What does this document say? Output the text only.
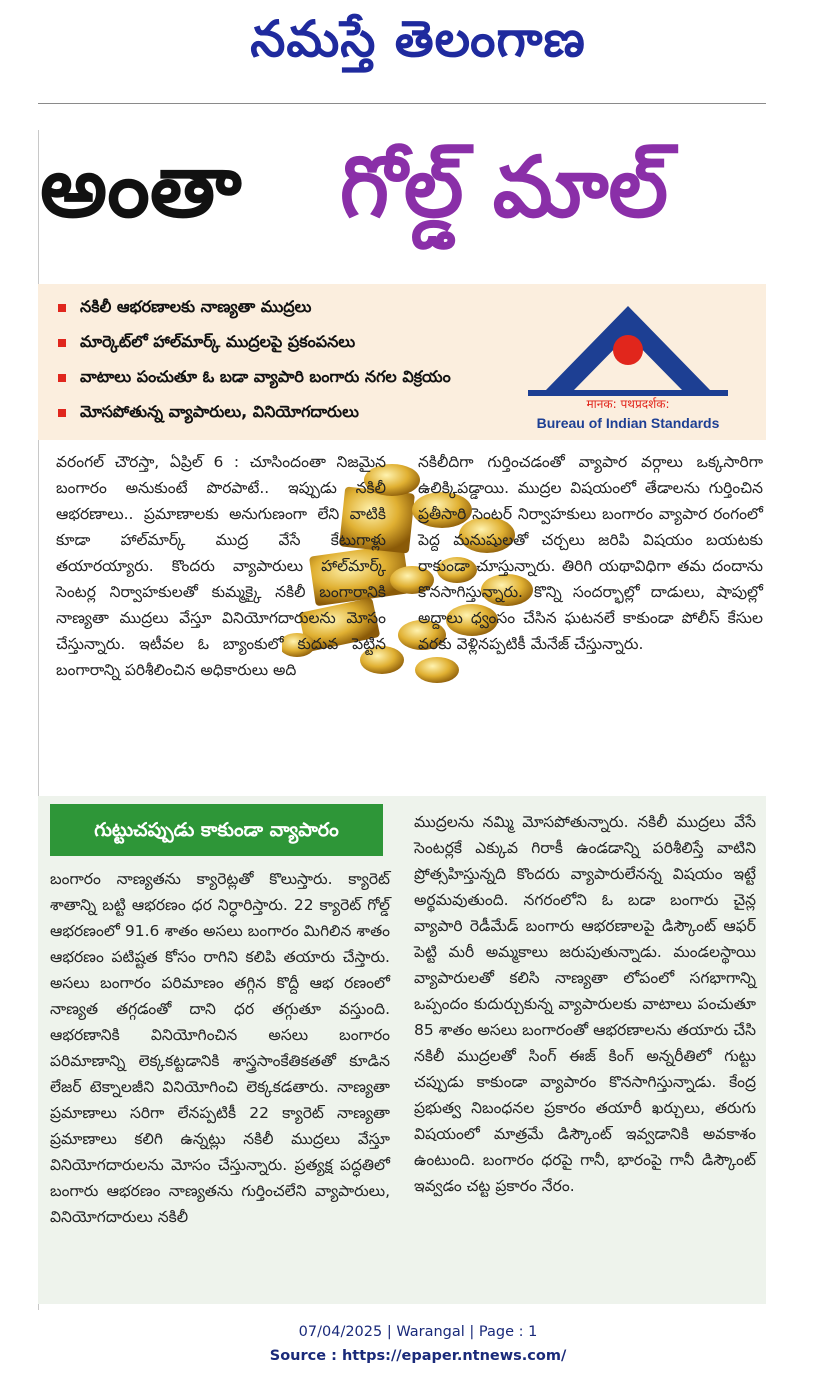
నమస్తే తెలంగాణ
అంతా గోల్డ్ మాల్
నకిలీ ఆభరణాలకు నాణ్యతా ముద్రలు
మార్కెట్‌లో హాల్‌మార్క్ ముద్రలపై ప్రకంపనలు
వాటాలు పంచుతూ ఓ బడా వ్యాపారి బంగారు నగల విక్రయం
మోసపోతున్న వ్యాపారులు, వినియోగదారులు	मानक: पथप्रदर्शक:
Bureau of Indian Standards
వరంగల్ చౌరస్తా, ఏప్రిల్ 6 : చూసిందంతా నిజమైన బంగారం అనుకుంటే పొరపాటే.. ఇప్పుడు నకిలీ ఆభరణాలు.. ప్రమాణాలకు అనుగుణంగా లేని వాటికి కూడా హాల్‌మార్క్ ముద్ర వేసే కేటుగాళ్లు తయారయ్యారు. కొందరు వ్యాపారులు హాల్‌మార్క్ సెంటర్ల నిర్వాహకులతో కుమ్మక్కై నకిలీ బంగారానికి నాణ్యతా ముద్రలు వేస్తూ వినియోగదారులను మోసం చేస్తున్నారు. ఇటీవల ఓ బ్యాంకులో కుదువ పెట్టిన బంగారాన్ని పరిశీలించిన అధికారులు అది
నకిలీదిగా గుర్తించడంతో వ్యాపార వర్గాలు ఒక్కసారిగా ఉలిక్కిపడ్డాయి. ముద్రల విషయంలో తేడాలను గుర్తించిన ప్రతీసారి సెంటర్ నిర్వాహకులు బంగారం వ్యాపార రంగంలో పెద్ద మనుషులతో చర్చలు జరిపి విషయం బయటకు రాకుండా చూస్తున్నారు. తిరిగి యథావిధిగా తమ దందాను కొనసాగిస్తున్నారు. కొన్ని సందర్భాల్లో దాడులు, షాపుల్లో అద్దాలు ధ్వంసం చేసిన ఘటనలే కాకుండా పోలీస్ కేసుల వరకు వెళ్లినప్పటికీ మేనేజ్ చేస్తున్నారు.
గుట్టుచప్పుడు కాకుండా వ్యాపారం
బంగారం నాణ్యతను క్యారెట్లతో కొలుస్తారు. క్యారెట్ శాతాన్ని బట్టి ఆభరణం ధర నిర్ధారిస్తారు. 22 క్యారెట్ గోల్డ్ ఆభరణంలో 91.6 శాతం అసలు బంగారం మిగిలిన శాతం ఆభరణం పటిష్టత కోసం రాగిని కలిపి తయారు చేస్తారు. అసలు బంగారం పరిమాణం తగ్గిన కొద్దీ ఆభ రణంలో నాణ్యత తగ్గడంతో దాని ధర తగ్గుతూ వస్తుంది. ఆభరణానికి వినియోగించిన అసలు బంగారం పరిమాణాన్ని లెక్కకట్టడానికి శాస్త్రసాంకేతికతతో కూడిన లేజర్ టెక్నాలజీని వినియోగించి లెక్కకడతారు. నాణ్యతా ప్రమాణాలు సరిగా లేనప్పటికీ 22 క్యారెట్ నాణ్యతా ప్రమాణాలు కలిగి ఉన్నట్లు నకిలీ ముద్రలు వేస్తూ వినియోగదారులను మోసం చేస్తున్నారు. ప్రత్యక్ష పద్ధతిలో బంగారు ఆభరణం నాణ్యతను గుర్తించలేని వ్యాపారులు, వినియోగదారులు నకిలీ
ముద్రలను నమ్మి మోసపోతున్నారు. నకిలీ ముద్రలు వేసే సెంటర్లకే ఎక్కువ గిరాకీ ఉండడాన్ని పరిశీలిస్తే వాటిని ప్రోత్సహిస్తున్నది కొందరు వ్యాపారులేనన్న విషయం ఇట్టే అర్థమవుతుంది. నగరంలోని ఓ బడా బంగారు చైన్ల వ్యాపారి రెడీమేడ్ బంగారు ఆభరణాలపై డిస్కౌంట్ ఆఫర్ పెట్టి మరీ అమ్మకాలు జరుపుతున్నాడు. మండలస్థాయి వ్యాపారులతో కలిసి నాణ్యతా లోపంలో సగభాగాన్ని ఒప్పందం కుదుర్చుకున్న వ్యాపారులకు వాటాలు పంచుతూ 85 శాతం అసలు బంగారంతో ఆభరణాలను తయారు చేసి నకిలీ ముద్రలతో సింగ్ ఈజ్ కింగ్ అన్నరీతిలో గుట్టు చప్పుడు కాకుండా వ్యాపారం కొనసాగిస్తున్నాడు. కేంద్ర ప్రభుత్వ నిబంధనల ప్రకారం తయారీ ఖర్చులు, తరుగు విషయంలో మాత్రమే డిస్కౌంట్ ఇవ్వడానికి అవకాశం ఉంటుంది. బంగారం ధరపై గానీ, భారంపై గానీ డిస్కౌంట్ ఇవ్వడం చట్ట ప్రకారం నేరం.
07/04/2025 | Warangal | Page : 1
Source : https://epaper.ntnews.com/
